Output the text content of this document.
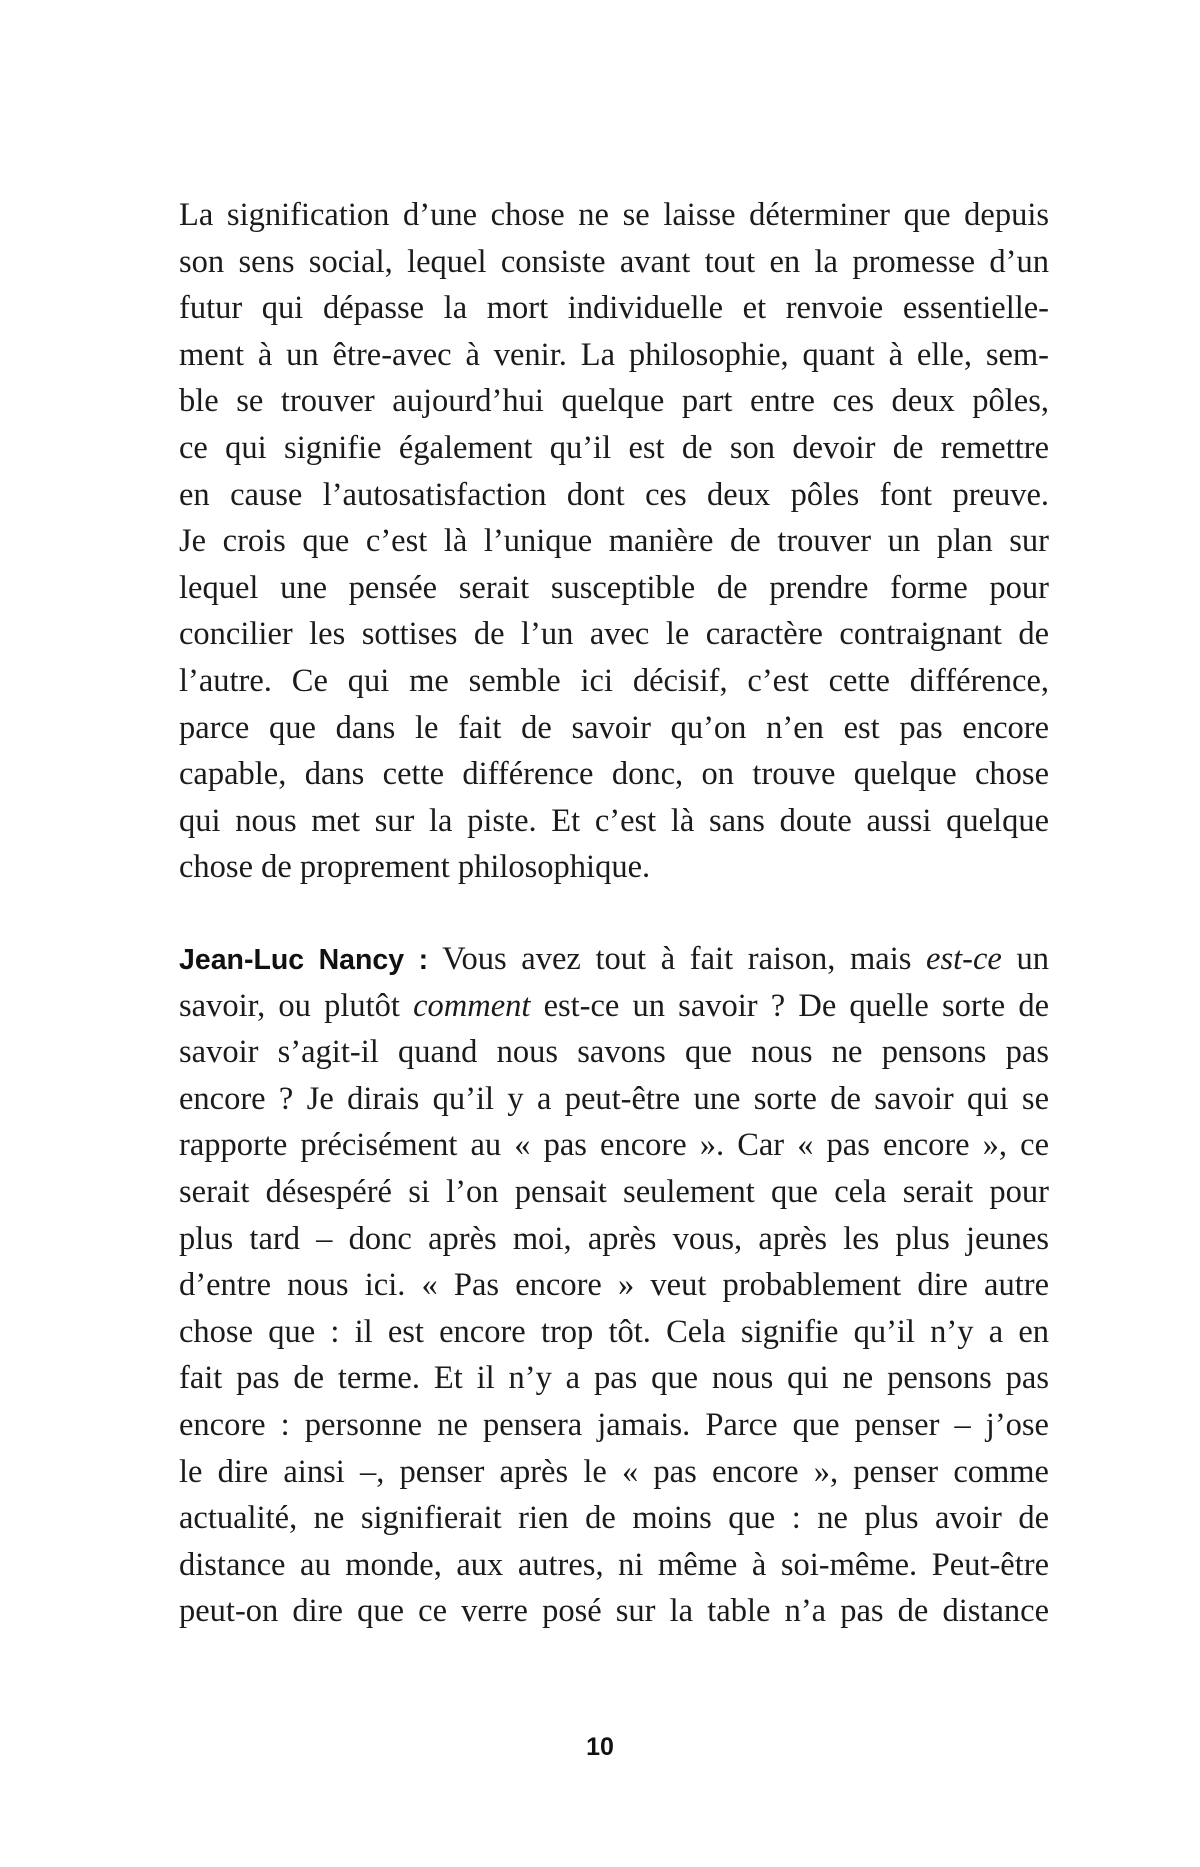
La signification d’une chose ne se laisse déterminer que depuis
son sens social, lequel consiste avant tout en la promesse d’un
futur qui dépasse la mort individuelle et renvoie essentielle-
ment à un être-avec à venir. La philosophie, quant à elle, sem-
ble se trouver aujourd’hui quelque part entre ces deux pôles,
ce qui signifie également qu’il est de son devoir de remettre
en cause l’autosatisfaction dont ces deux pôles font preuve.
Je crois que c’est là l’unique manière de trouver un plan sur
lequel une pensée serait susceptible de prendre forme pour
concilier les sottises de l’un avec le caractère contraignant de
l’autre. Ce qui me semble ici décisif, c’est cette différence,
parce que dans le fait de savoir qu’on n’en est pas encore
capable, dans cette différence donc, on trouve quelque chose
qui nous met sur la piste. Et c’est là sans doute aussi quelque
chose de proprement philosophique.
Jean-Luc Nancy : Vous avez tout à fait raison, mais est-ce un
savoir, ou plutôt comment est-ce un savoir ? De quelle sorte de
savoir s’agit-il quand nous savons que nous ne pensons pas
encore ? Je dirais qu’il y a peut-être une sorte de savoir qui se
rapporte précisément au « pas encore ». Car « pas encore », ce
serait désespéré si l’on pensait seulement que cela serait pour
plus tard – donc après moi, après vous, après les plus jeunes
d’entre nous ici. « Pas encore » veut probablement dire autre
chose que : il est encore trop tôt. Cela signifie qu’il n’y a en
fait pas de terme. Et il n’y a pas que nous qui ne pensons pas
encore : personne ne pensera jamais. Parce que penser – j’ose
le dire ainsi –, penser après le « pas encore », penser comme
actualité, ne signifierait rien de moins que : ne plus avoir de
distance au monde, aux autres, ni même à soi-même. Peut-être
peut-on dire que ce verre posé sur la table n’a pas de distance
10
